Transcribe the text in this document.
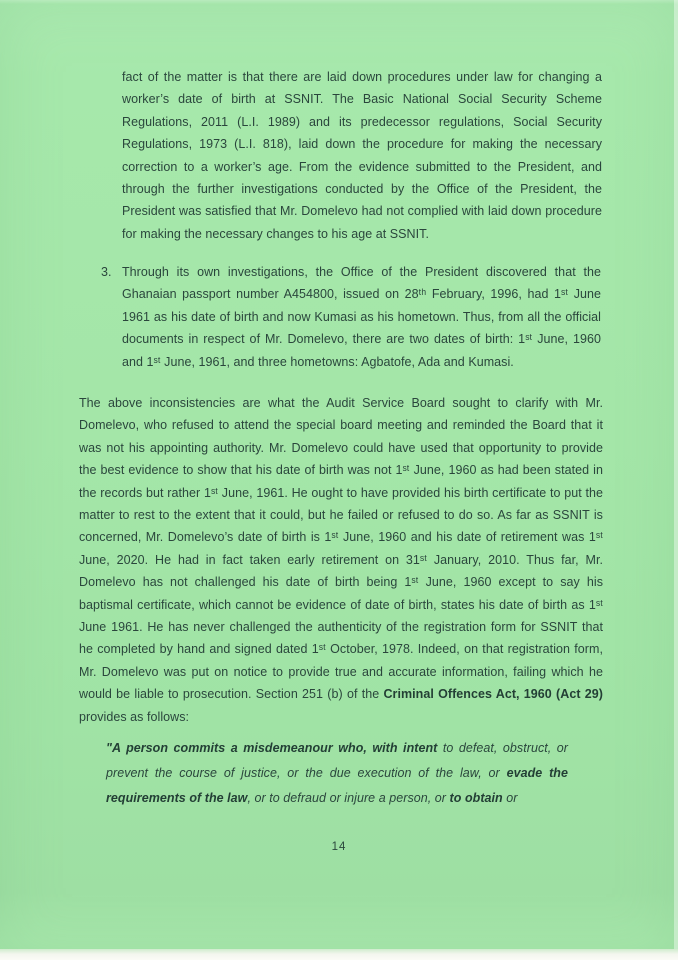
fact of the matter is that there are laid down procedures under law for changing a worker’s date of birth at SSNIT. The Basic National Social Security Scheme Regulations, 2011 (L.I. 1989) and its predecessor regulations, Social Security Regulations, 1973 (L.I. 818), laid down the procedure for making the necessary correction to a worker’s age. From the evidence submitted to the President, and through the further investigations conducted by the Office of the President, the President was satisfied that Mr. Domelevo had not complied with laid down procedure for making the necessary changes to his age at SSNIT.
3. Through its own investigations, the Office of the President discovered that the Ghanaian passport number A454800, issued on 28ᵗʰ February, 1996, had 1ˢᵗ June 1961 as his date of birth and now Kumasi as his hometown. Thus, from all the official documents in respect of Mr. Domelevo, there are two dates of birth: 1ˢᵗ June, 1960 and 1ˢᵗ June, 1961, and three hometowns: Agbatofe, Ada and Kumasi.
The above inconsistencies are what the Audit Service Board sought to clarify with Mr. Domelevo, who refused to attend the special board meeting and reminded the Board that it was not his appointing authority. Mr. Domelevo could have used that opportunity to provide the best evidence to show that his date of birth was not 1ˢᵗ June, 1960 as had been stated in the records but rather 1ˢᵗ June, 1961. He ought to have provided his birth certificate to put the matter to rest to the extent that it could, but he failed or refused to do so. As far as SSNIT is concerned, Mr. Domelevo’s date of birth is 1ˢᵗ June, 1960 and his date of retirement was 1ˢᵗ June, 2020. He had in fact taken early retirement on 31ˢᵗ January, 2010. Thus far, Mr. Domelevo has not challenged his date of birth being 1ˢᵗ June, 1960 except to say his baptismal certificate, which cannot be evidence of date of birth, states his date of birth as 1ˢᵗ June 1961. He has never challenged the authenticity of the registration form for SSNIT that he completed by hand and signed dated 1ˢᵗ October, 1978. Indeed, on that registration form, Mr. Domelevo was put on notice to provide true and accurate information, failing which he would be liable to prosecution. Section 251 (b) of the Criminal Offences Act, 1960 (Act 29) provides as follows:
"A person commits a misdemeanour who, with intent to defeat, obstruct, or prevent the course of justice, or the due execution of the law, or evade the requirements of the law, or to defraud or injure a person, or to obtain or
14
